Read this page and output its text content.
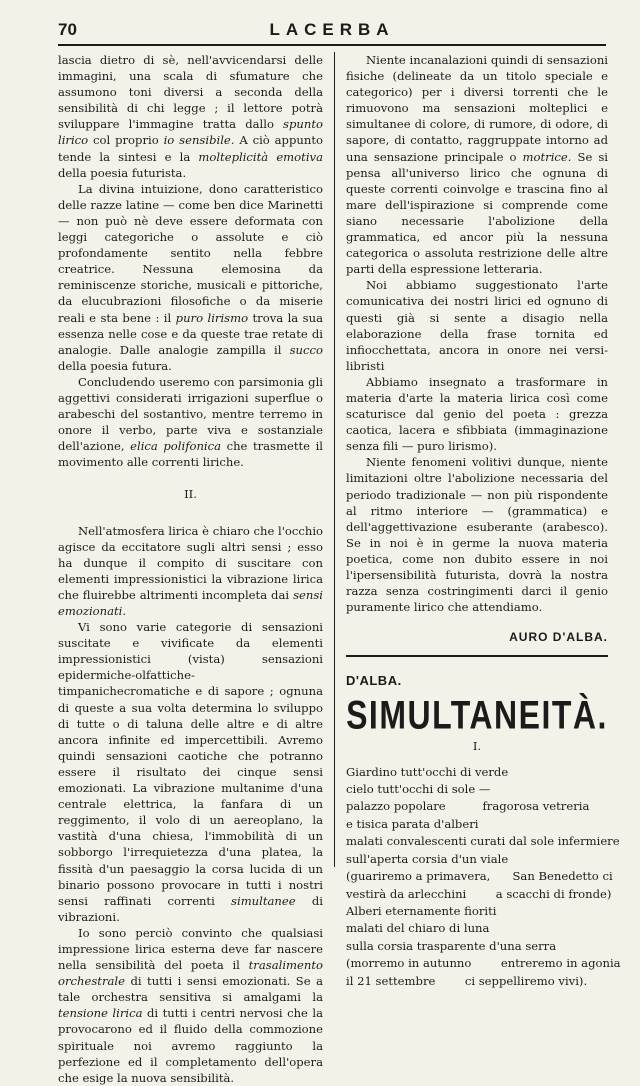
70	LACERBA

lascia dietro di sè, nell'avvicendarsi delle immagini, una scala di sfumature che assumono toni diversi a seconda della sensibilità di chi legge ; il lettore potrà sviluppare l'immagine tratta dallo spunto lirico col proprio io sensibile. A ciò appunto tende la sintesi e la molteplicità emotiva della poesia futurista.

La divina intuizione, dono caratteristico delle razze latine — come ben dice Marinetti — non può nè deve essere deformata con leggi categoriche o assolute e ciò profondamente sentito nella febbre creatrice. Nessuna elemosina da reminiscenze storiche, musicali e pittoriche, da elucubrazioni filosofiche o da miserie reali e sta bene : il puro lirismo trova la sua essenza nelle cose e da queste trae retate di analogie. Dalle analogie zampilla il succo della poesia futura.

Concludendo useremo con parsimonia gli aggettivi considerati irrigazioni superflue o arabeschi del sostantivo, mentre terremo in onore il verbo, parte viva e sostanziale dell'azione, elica polifonica che trasmette il movimento alle correnti liriche.

II.

Nell'atmosfera lirica è chiaro che l'occhio agisce da eccitatore sugli altri sensi ; esso ha dunque il compito di suscitare con elementi impressionistici la vibrazione lirica che fluirebbe altrimenti incompleta dai sensi emozionati.

Vi sono varie categorie di sensazioni suscitate e vivificate da elementi impressionistici (vista) sensazioni epidermiche-olfattiche-timpanichecromatiche e di sapore ; ognuna di queste a sua volta determina lo sviluppo di tutte o di taluna delle altre e di altre ancora infinite ed impercettibili. Avremo quindi sensazioni caotiche che potranno essere il risultato dei cinque sensi emozionati. La vibrazione multanime d'una centrale elettrica, la fanfara di un reggimento, il volo di un aereoplano, la vastità d'una chiesa, l'immobilità di un sobborgo l'irrequietezza d'una platea, la fissità d'un paesaggio la corsa lucida di un binario possono provocare in tutti i nostri sensi raffinati correnti simultanee di vibrazioni.

Io sono perciò convinto che qualsiasi impressione lirica esterna deve far nascere nella sensibilità del poeta il trasalimento orchestrale di tutti i sensi emozionati. Se a tale orchestra sensitiva si amalgami la tensione lirica di tutti i centri nervosi che la provocarono ed il fluido della commozione spirituale noi avremo raggiunto la perfezione ed il completamento dell'opera che esige la nuova sensibilità.

Niente incanalazioni quindi di sensazioni fisiche (delineate da un titolo speciale e categorico) per i diversi torrenti che le rimuovono ma sensazioni molteplici e simultanee di colore, di rumore, di odore, di sapore, di contatto, raggruppate intorno ad una sensazione principale o motrice. Se si pensa all'universo lirico che ognuna di queste correnti coinvolge e trascina fino al mare dell'ispirazione si comprende come siano necessarie l'abolizione della grammatica, ed ancor più la nessuna categorica o assoluta restrizione delle altre parti della espressione letteraria.

Noi abbiamo suggestionato l'arte comunicativa dei nostri lirici ed ognuno di questi già si sente a disagio nella elaborazione della frase tornita ed infiocchettata, ancora in onore nei versi-libristi

Abbiamo insegnato a trasformare in materia d'arte la materia lirica così come scaturisce dal genio del poeta : grezza caotica, lacera e sfibbiata (immaginazione senza fili — puro lirismo).

Niente fenomeni volitivi dunque, niente limitazioni oltre l'abolizione necessaria del periodo tradizionale — non più rispondente al ritmo interiore — (grammatica) e dell'aggettivazione esuberante (arabesco). Se in noi è in germe la nuova materia poetica, come non dubito essere in noi l'ipersensibilità futurista, dovrà la nostra razza senza costringimenti darci il genio puramente lirico che attendiamo.

AURO D'ALBA.
D'ALBA.
SIMULTANEITÀ.
I.
Giardino tutt'occhi di verde
cielo tutt'occhi di sole —
palazzo popolare          fragorosa vetreria
e tisica parata d'alberi
malati convalescenti curati dal sole infermiere
sull'aperta corsia d'un viale
(guariremo a primavera,      San Benedetto ci
vestirà da arlecchini        a scacchi di fronde)
Alberi eternamente fioriti
malati del chiaro di luna
sulla corsia trasparente d'una serra
(morremo in autunno        entreremo in agonia
il 21 settembre        ci seppelliremo vivi).
